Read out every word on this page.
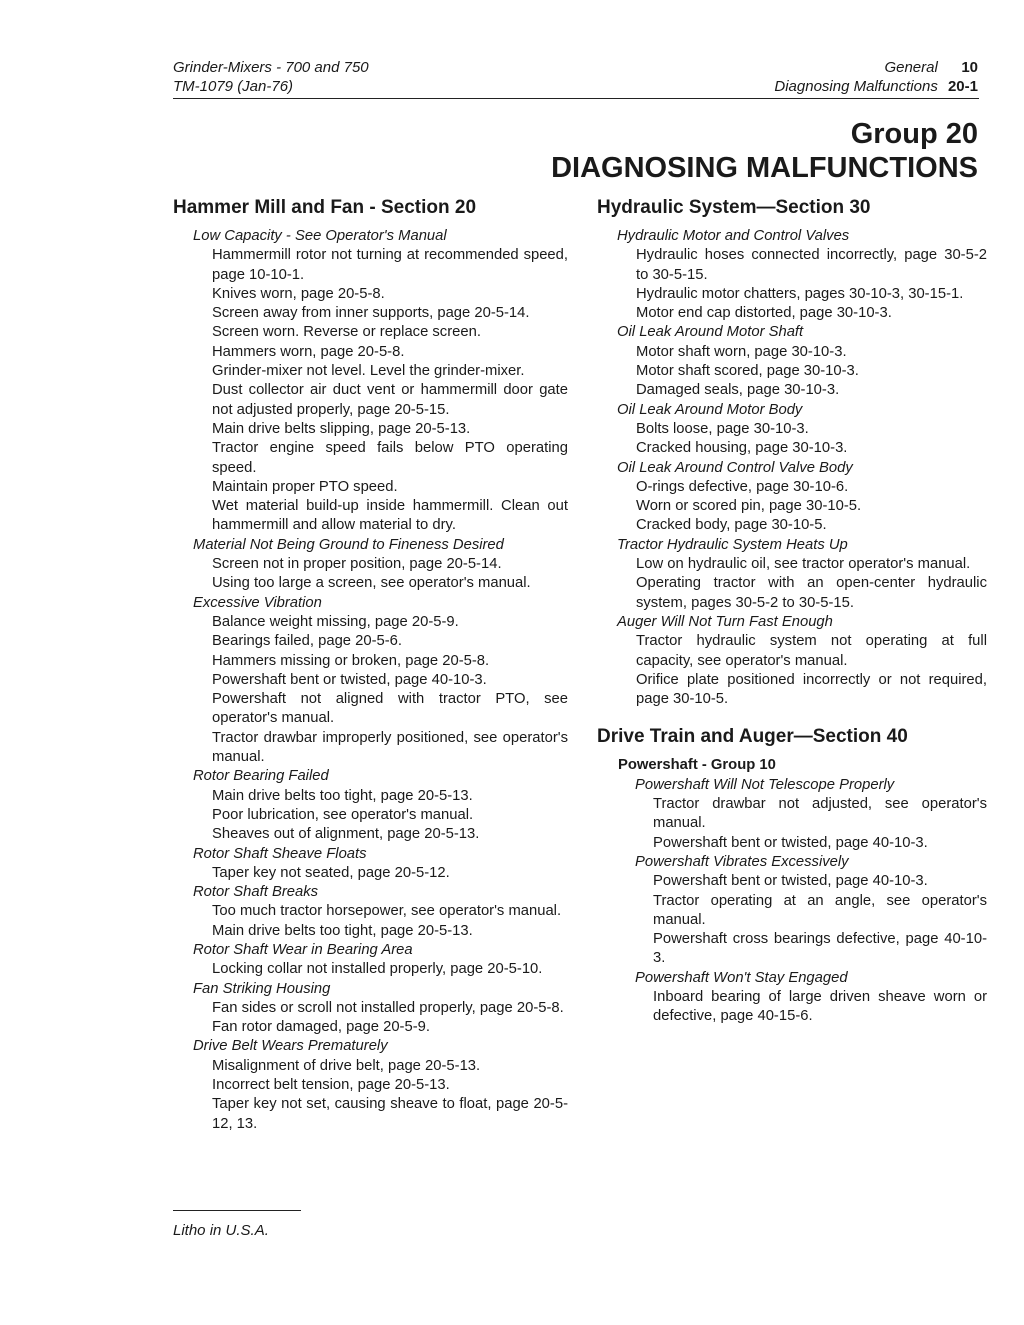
Grinder-Mixers - 700 and 750
TM-1079 (Jan-76)
General 10
Diagnosing Malfunctions 20-1
Group 20
DIAGNOSING MALFUNCTIONS
Hammer Mill and Fan - Section 20
Low Capacity - See Operator's Manual
Hammermill rotor not turning at recommended speed, page 10-10-1.
Knives worn, page 20-5-8.
Screen away from inner supports, page 20-5-14.
Screen worn. Reverse or replace screen.
Hammers worn, page 20-5-8.
Grinder-mixer not level. Level the grinder-mixer.
Dust collector air duct vent or hammermill door gate not adjusted properly, page 20-5-15.
Main drive belts slipping, page 20-5-13.
Tractor engine speed fails below PTO operating speed.
Maintain proper PTO speed.
Wet material build-up inside hammermill. Clean out hammermill and allow material to dry.
Material Not Being Ground to Fineness Desired
Screen not in proper position, page 20-5-14.
Using too large a screen, see operator's manual.
Excessive Vibration
Balance weight missing, page 20-5-9.
Bearings failed, page 20-5-6.
Hammers missing or broken, page 20-5-8.
Powershaft bent or twisted, page 40-10-3.
Powershaft not aligned with tractor PTO, see operator's manual.
Tractor drawbar improperly positioned, see operator's manual.
Rotor Bearing Failed
Main drive belts too tight, page 20-5-13.
Poor lubrication, see operator's manual.
Sheaves out of alignment, page 20-5-13.
Rotor Shaft Sheave Floats
Taper key not seated, page 20-5-12.
Rotor Shaft Breaks
Too much tractor horsepower, see operator's manual.
Main drive belts too tight, page 20-5-13.
Rotor Shaft Wear in Bearing Area
Locking collar not installed properly, page 20-5-10.
Fan Striking Housing
Fan sides or scroll not installed properly, page 20-5-8.
Fan rotor damaged, page 20-5-9.
Drive Belt Wears Prematurely
Misalignment of drive belt, page 20-5-13.
Incorrect belt tension, page 20-5-13.
Taper key not set, causing sheave to float, page 20-5-12, 13.
Hydraulic System—Section 30
Hydraulic Motor and Control Valves
Hydraulic hoses connected incorrectly, page 30-5-2 to 30-5-15.
Hydraulic motor chatters, pages 30-10-3, 30-15-1.
Motor end cap distorted, page 30-10-3.
Oil Leak Around Motor Shaft
Motor shaft worn, page 30-10-3.
Motor shaft scored, page 30-10-3.
Damaged seals, page 30-10-3.
Oil Leak Around Motor Body
Bolts loose, page 30-10-3.
Cracked housing, page 30-10-3.
Oil Leak Around Control Valve Body
O-rings defective, page 30-10-6.
Worn or scored pin, page 30-10-5.
Cracked body, page 30-10-5.
Tractor Hydraulic System Heats Up
Low on hydraulic oil, see tractor operator's manual.
Operating tractor with an open-center hydraulic system, pages 30-5-2 to 30-5-15.
Auger Will Not Turn Fast Enough
Tractor hydraulic system not operating at full capacity, see operator's manual.
Orifice plate positioned incorrectly or not required, page 30-10-5.
Drive Train and Auger—Section 40
Powershaft - Group 10
Powershaft Will Not Telescope Properly
Tractor drawbar not adjusted, see operator's manual.
Powershaft bent or twisted, page 40-10-3.
Powershaft Vibrates Excessively
Powershaft bent or twisted, page 40-10-3.
Tractor operating at an angle, see operator's manual.
Powershaft cross bearings defective, page 40-10-3.
Powershaft Won't Stay Engaged
Inboard bearing of large driven sheave worn or defective, page 40-15-6.
Litho in U.S.A.
